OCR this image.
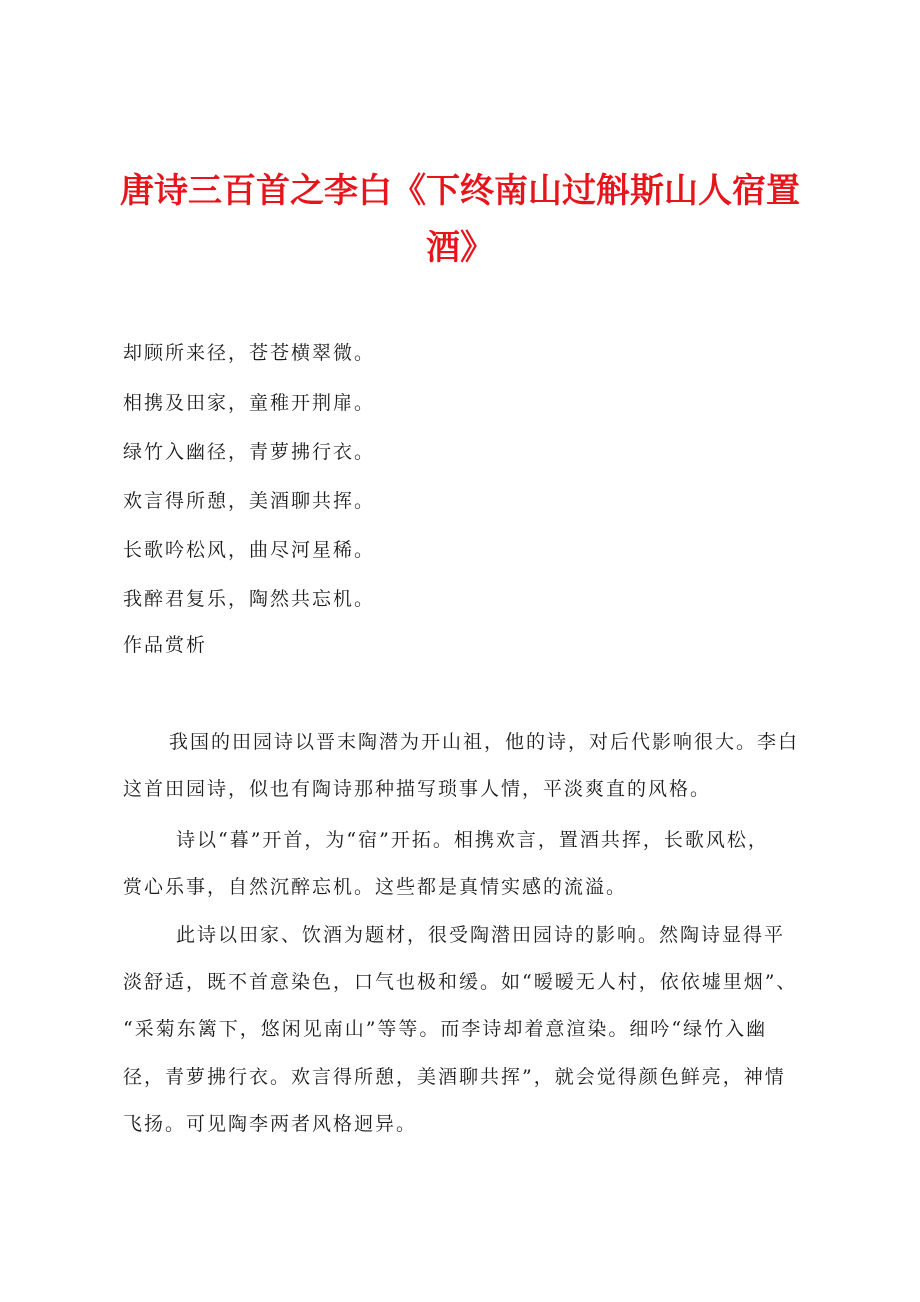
唐诗三百首之李白《下终南山过斛斯山人宿置
酒》
却顾所来径，苍苍横翠微。
相携及田家，童稚开荆扉。
绿竹入幽径，青萝拂行衣。
欢言得所憩，美酒聊共挥。
长歌吟松风，曲尽河星稀。
我醉君复乐，陶然共忘机。
作品赏析
我国的田园诗以晋末陶潜为开山祖，他的诗，对后代影响很大。李白
这首田园诗，似也有陶诗那种描写琐事人情，平淡爽直的风格。
诗以“暮”开首，为“宿”开拓。相携欢言，置酒共挥，长歌风松，
赏心乐事，自然沉醉忘机。这些都是真情实感的流溢。
此诗以田家、饮酒为题材，很受陶潜田园诗的影响。然陶诗显得平
淡舒适，既不首意染色，口气也极和缓。如“暧暧无人村，依依墟里烟”、
“采菊东篱下，悠闲见南山”等等。而李诗却着意渲染。细吟“绿竹入幽
径，青萝拂行衣。欢言得所憩，美酒聊共挥”，就会觉得颜色鲜亮，神情
飞扬。可见陶李两者风格迥异。
